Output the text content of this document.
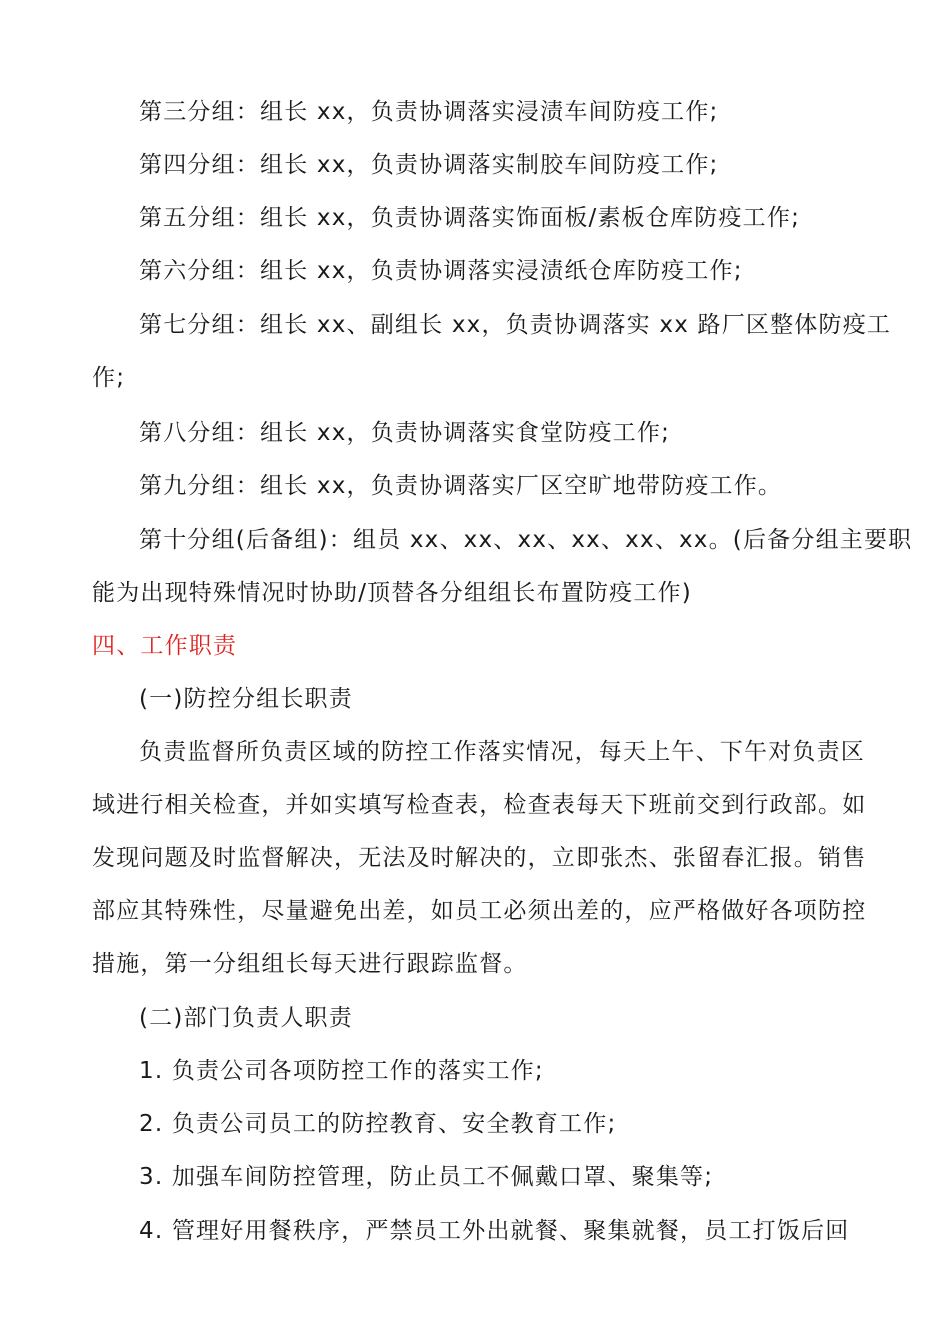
第三分组：组长 xx，负责协调落实浸渍车间防疫工作;
第四分组：组长 xx，负责协调落实制胶车间防疫工作;
第五分组：组长 xx，负责协调落实饰面板/素板仓库防疫工作;
第六分组：组长 xx，负责协调落实浸渍纸仓库防疫工作;
第七分组：组长 xx、副组长 xx，负责协调落实 xx 路厂区整体防疫工
作;
第八分组：组长 xx，负责协调落实食堂防疫工作;
第九分组：组长 xx，负责协调落实厂区空旷地带防疫工作。
第十分组(后备组)：组员 xx、xx、xx、xx、xx、xx。(后备分组主要职
能为出现特殊情况时协助/顶替各分组组长布置防疫工作)
四、工作职责
(一)防控分组长职责
负责监督所负责区域的防控工作落实情况，每天上午、下午对负责区
域进行相关检查，并如实填写检查表，检查表每天下班前交到行政部。如
发现问题及时监督解决，无法及时解决的，立即张杰、张留春汇报。销售
部应其特殊性，尽量避免出差，如员工必须出差的，应严格做好各项防控
措施，第一分组组长每天进行跟踪监督。
(二)部门负责人职责
1. 负责公司各项防控工作的落实工作;
2. 负责公司员工的防控教育、安全教育工作;
3. 加强车间防控管理，防止员工不佩戴口罩、聚集等;
4. 管理好用餐秩序，严禁员工外出就餐、聚集就餐，员工打饭后回
